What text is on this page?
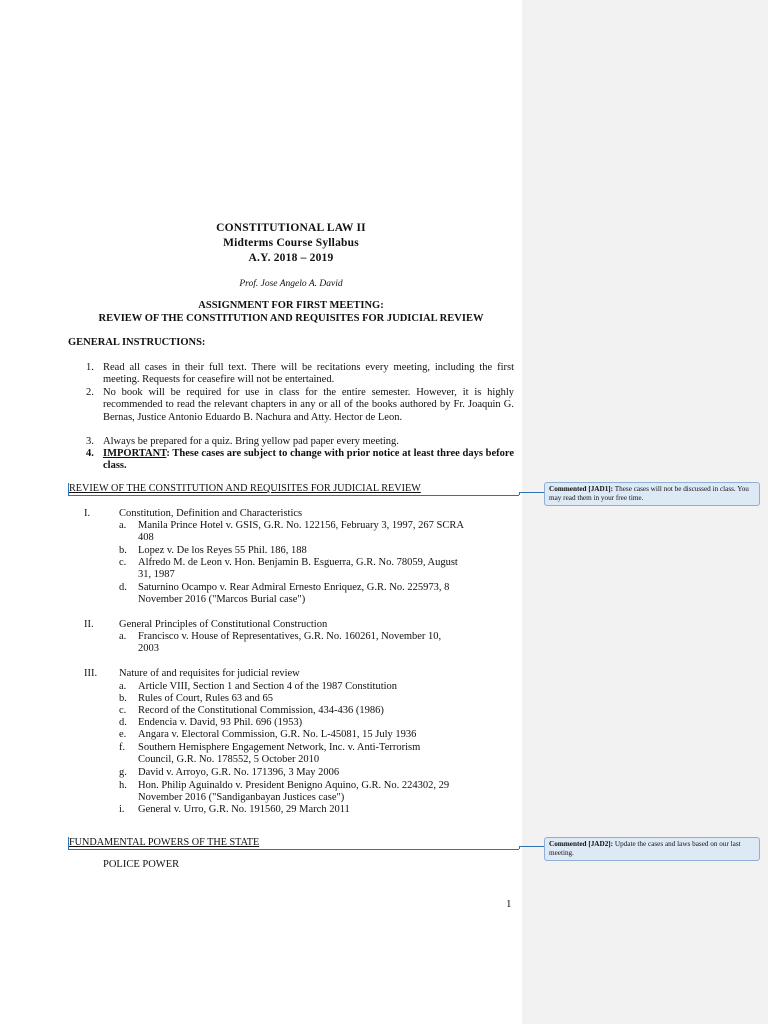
CONSTITUTIONAL LAW II
Midterms Course Syllabus
A.Y. 2018 – 2019
Prof. Jose Angelo A. David
ASSIGNMENT FOR FIRST MEETING:
REVIEW OF THE CONSTITUTION AND REQUISITES FOR JUDICIAL REVIEW
GENERAL INSTRUCTIONS:
1. Read all cases in their full text. There will be recitations every meeting, including the first meeting. Requests for ceasefire will not be entertained.
2. No book will be required for use in class for the entire semester. However, it is highly recommended to read the relevant chapters in any or all of the books authored by Fr. Joaquin G. Bernas, Justice Antonio Eduardo B. Nachura and Atty. Hector de Leon.
3. Always be prepared for a quiz. Bring yellow pad paper every meeting.
4. IMPORTANT: These cases are subject to change with prior notice at least three days before class.
REVIEW OF THE CONSTITUTION AND REQUISITES FOR JUDICIAL REVIEW
I.	Constitution, Definition and Characteristics
a. Manila Prince Hotel v. GSIS, G.R. No. 122156, February 3, 1997, 267 SCRA
408
b. Lopez v. De los Reyes 55 Phil. 186, 188
c. Alfredo M. de Leon v. Hon. Benjamin B. Esguerra, G.R. No. 78059, August
31, 1987
d. Saturnino Ocampo v. Rear Admiral Ernesto Enriquez, G.R. No. 225973, 8
November 2016 ("Marcos Burial case")
II. General Principles of Constitutional Construction
a. Francisco v. House of Representatives, G.R. No. 160261, November 10,
2003
III. Nature of and requisites for judicial review
a. Article VIII, Section 1 and Section 4 of the 1987 Constitution
b. Rules of Court, Rules 63 and 65
c. Record of the Constitutional Commission, 434-436 (1986)
d. Endencia v. David, 93 Phil. 696 (1953)
e. Angara v. Electoral Commission, G.R. No. L-45081, 15 July 1936
f. Southern Hemisphere Engagement Network, Inc. v. Anti-Terrorism
Council, G.R. No. 178552, 5 October 2010
g. David v. Arroyo, G.R. No. 171396, 3 May 2006
h. Hon. Philip Aguinaldo v. President Benigno Aquino, G.R. No. 224302, 29
November 2016 ("Sandiganbayan Justices case")
i. General v. Urro, G.R. No. 191560, 29 March 2011
FUNDAMENTAL POWERS OF THE STATE
POLICE POWER
1
Commented [JAD1]: These cases will not be discussed in class. You may read them in your free time.
Commented [JAD2]: Update the cases and laws based on our last meeting.
